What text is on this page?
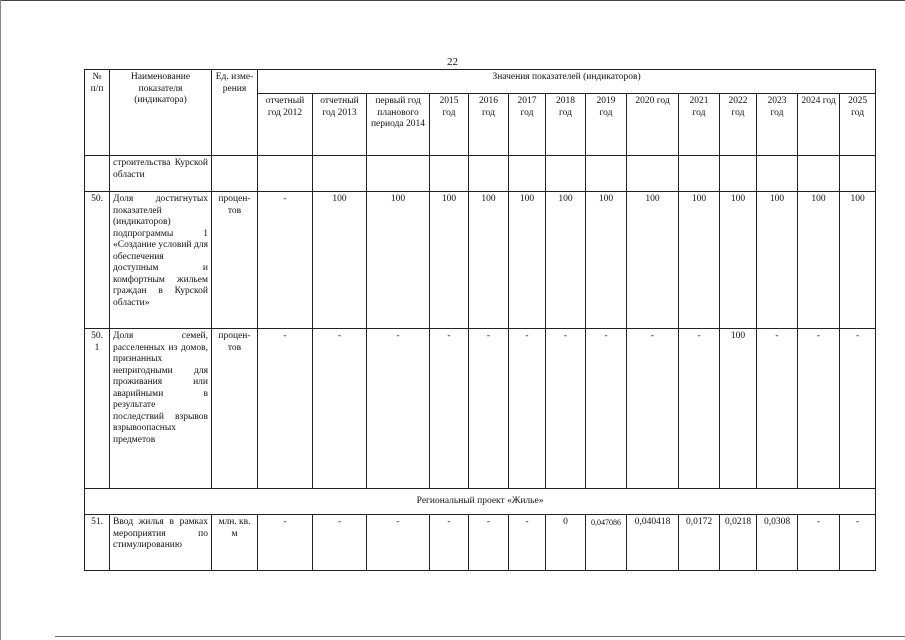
22
№ п/п	Наименование показателя (индикатора)	Ед. изме-рения	Значения показателей (индикаторов)													
			отчетный год 2012	отчетный год 2013	первый год планового периода 2014	2015 год	2016 год	2017 год	2018 год	2019 год	2020 год	2021 год	2022 год	2023 год	2024 год	2025 год
	строительства Курской области															
50.	Доля достигнутых показателей (индикаторов) подпрограммы 1 «Создание условий для обеспечения доступным и комфортным жильем граждан в Курской области»	процен-тов	-	100	100	100	100	100	100	100	100	100	100	100	100	100
50. 1	Доля семей, расселенных из домов, признанных непригодными для проживания или аварийными в результате последствий взрывов взрывоопасных предметов	процен-тов	-	-	-	-	-	-	-	-	-	-	100	-	-	-
Региональный проект «Жилье»																
51.	Ввод жилья в рамках мероприятия по стимулированию	млн. кв. м	-	-	-	-	-	-	0	0,047086	0,040418	0,0172	0,0218	0,0308	-	-
